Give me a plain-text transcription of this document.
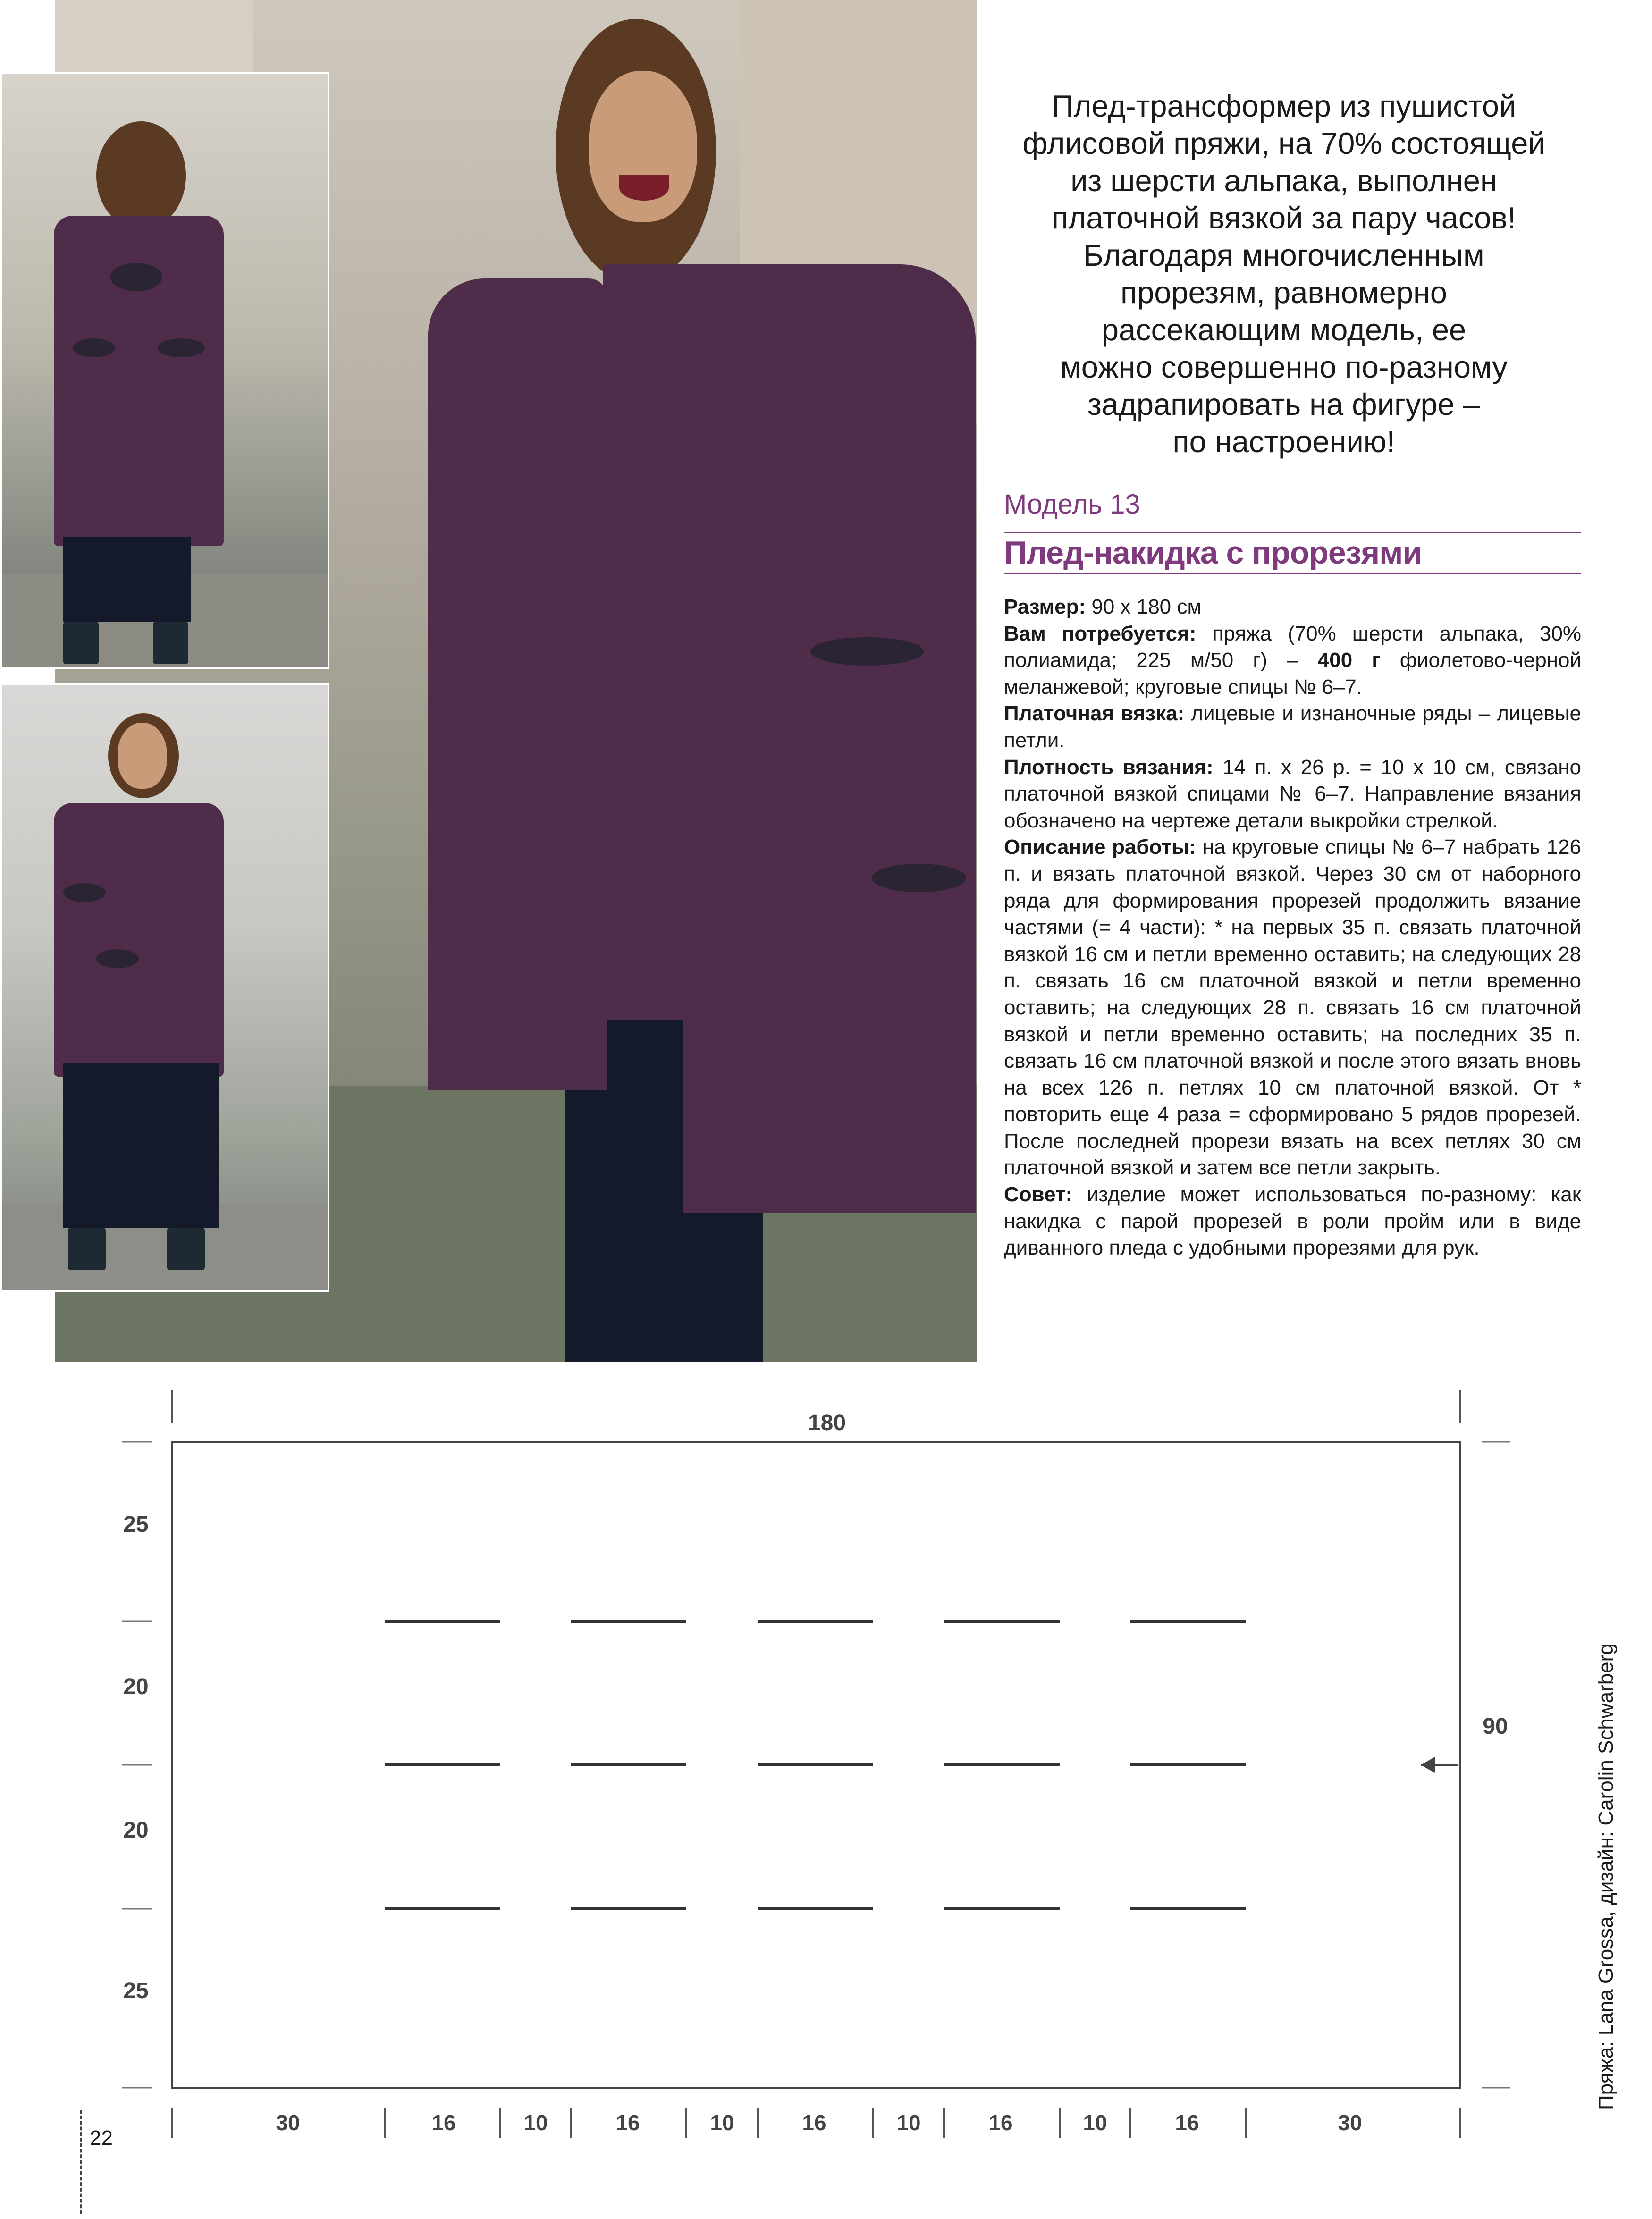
Плед-трансформер из пушистой
флисовой пряжи, на 70% состоящей
из шерсти альпака, выполнен
платочной вязкой за пару часов!
Благодаря многочисленным
прорезям, равномерно
рассекающим модель, ее
можно совершенно по-разному
задрапировать на фигуре –
по настроению!
Модель 13
Плед-накидка с прорезями

Размер: 90 х 180 см

Вам потребуется: пряжа (70% шерсти альпака, 30% полиамида; 225 м/50 г) – 400 г фиолетово-черной меланжевой; круговые спицы № 6–7.

Платочная вязка: лицевые и изнаночные ряды – лицевые петли.

Плотность вязания: 14 п. х 26 р. = 10 х 10 см, связано платочной вязкой спицами № 6–7. Направление вязания обозначено на чертеже детали выкройки стрелкой.

Описание работы: на круговые спицы № 6–7 набрать 126 п. и вязать платочной вязкой. Через 30 см от наборного ряда для формирования прорезей продолжить вязание частями (= 4 части): * на первых 35 п. связать платочной вязкой 16 см и петли временно оставить; на следующих 28 п. связать 16 см платочной вязкой и петли временно оставить; на следующих 28 п. связать 16 см платочной вязкой и петли временно оставить; на последних 35 п. связать 16 см платочной вязкой и после этого вязать вновь на всех 126 п. петлях 10 см платочной вязкой. От * повторить еще 4 раза = сформировано 5 рядов прорезей. После последней прорези вязать на всех петлях 30 см платочной вязкой и затем все петли закрыть.

Совет: изделие может использоваться по-разному: как накидка с парой прорезей в роли пройм или в виде диванного пледа с удобными прорезями для рук.

180
25
20
20
25
90
30	16	10	16	10	16	10	16	10	16	30
22
Пряжа: Lana Grossa, дизайн: Carolin Schwarberg
